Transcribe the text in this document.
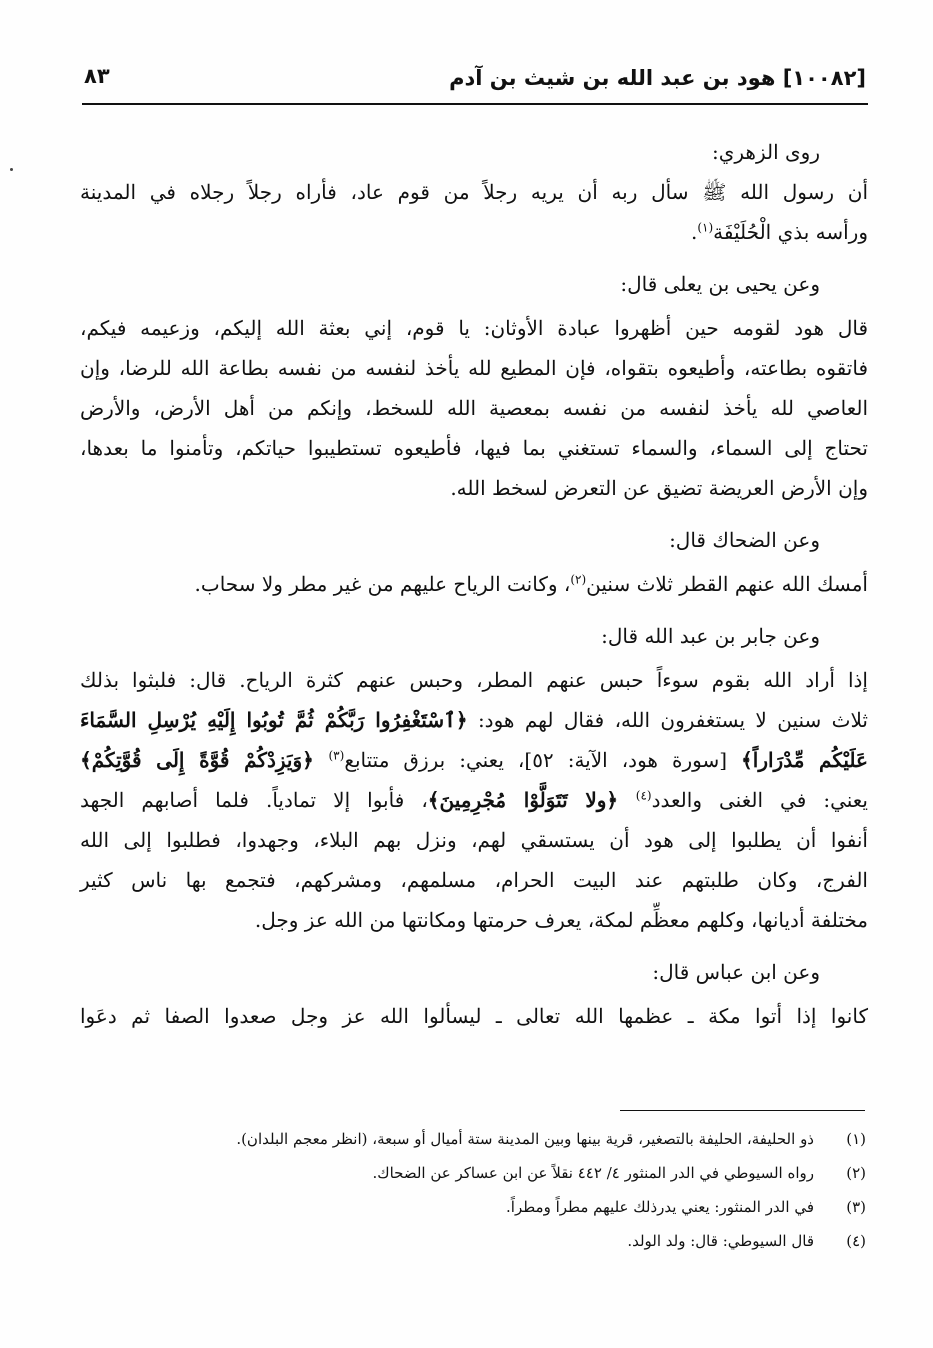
[١٠٠٨٢] هود بن عبد الله بن شيث بن آدم
٨٣

روى الزهري:

أن رسول الله ﷺ سأل ربه أن يريه رجلاً من قوم عاد، فأراه رجلاً رجلاه في المدينة

ورأسه بذي الْحُلَيْفَة$^{(١)}$.

وعن يحيى بن يعلى قال:

قال هود لقومه حين أظهروا عبادة الأوثان: يا قوم، إني بعثة الله إليكم، وزعيمه فيكم،

فاتقوه بطاعته، وأطيعوه بتقواه، فإن المطيع لله يأخذ لنفسه من نفسه بطاعة الله للرضا، وإن

العاصي لله يأخذ لنفسه من نفسه بمعصية الله للسخط، وإنكم من أهل الأرض، والأرض

تحتاج إلى السماء، والسماء تستغني بما فيها، فأطيعوه تستطيبوا حياتكم، وتأمنوا ما بعدها،

وإن الأرض العريضة تضيق عن التعرض لسخط الله.

وعن الضحاك قال:

أمسك الله عنهم القطر ثلاث سنين$^{(٢)}$، وكانت الرياح عليهم من غير مطر ولا سحاب.

وعن جابر بن عبد الله قال:

إذا أراد الله بقوم سوءاً حبس عنهم المطر، وحبس عنهم كثرة الرياح. قال: فلبثوا بذلك

ثلاث سنين لا يستغفرون الله، فقال لهم هود: ﴿ٱسْتَغْفِرُوا رَبَّكُمْ ثُمَّ تُوبُوا إِلَيْهِ يُرْسِلِ السَّمَاءَ

عَلَيْكُم مِّدْرَاراً﴾ [سورة هود، الآية: ٥٢]، يعني: برزق متتابع$^{(٣)}$ ﴿وَيَزِدْكُمْ قُوَّةً إِلَى قُوَّتِكُمْ﴾

يعني: في الغنى والعدد$^{(٤)}$ ﴿ولا تَتَوَلَّوْا مُجْرِمِينَ﴾، فأبوا إلا تمادياً. فلما أصابهم الجهد

أنفوا أن يطلبوا إلى هود أن يستسقي لهم، ونزل بهم البلاء، وجهدوا، فطلبوا إلى الله

الفرج، وكان طلبتهم عند البيت الحرام، مسلمهم، ومشركهم، فتجمع بها ناس كثير

مختلفة أديانها، وكلهم معظِّم لمكة، يعرف حرمتها ومكانتها من الله عز وجل.

وعن ابن عباس قال:

كانوا إذا أتوا مكة ـ عظمها الله تعالى ـ ليسألوا الله عز وجل صعدوا الصفا ثم دعَوا

(١)
ذو الحليفة، الحليفة بالتصغير، قرية بينها وبين المدينة ستة أميال أو سبعة، (انظر معجم البلدان).
(٢)
رواه السيوطي في الدر المنثور ٤/ ٤٤٢ نقلاً عن ابن عساكر عن الضحاك.
(٣)
في الدر المنثور: يعني يدرذلك عليهم مطراً ومطراً.
(٤)
قال السيوطي: قال: ولد الولد.
